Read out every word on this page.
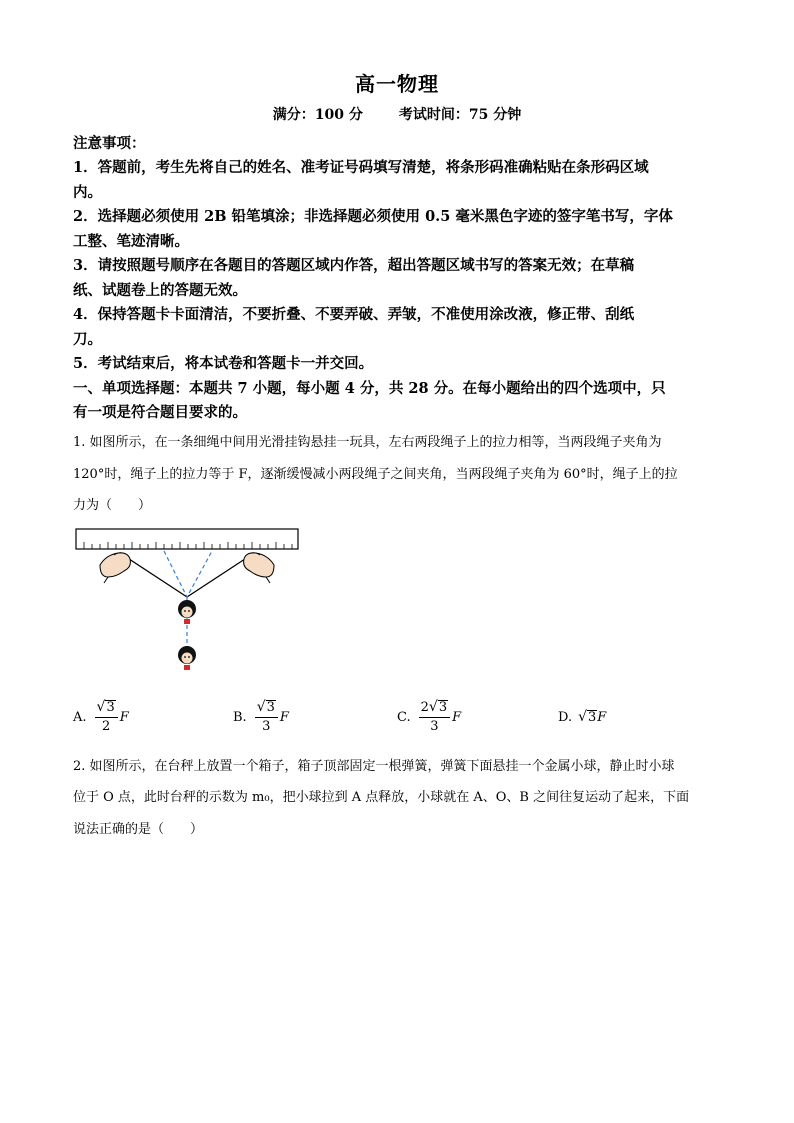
高一物理
满分：100 分	考试时间：75 分钟
注意事项：
1．答题前，考生先将自己的姓名、准考证号码填写清楚，将条形码准确粘贴在条形码区域
内。
2．选择题必须使用 2B 铅笔填涂；非选择题必须使用 0.5 毫米黑色字迹的签字笔书写，字体
工整、笔迹清晰。
3．请按照题号顺序在各题目的答题区域内作答，超出答题区域书写的答案无效；在草稿
纸、试题卷上的答题无效。
4．保持答题卡卡面清洁，不要折叠、不要弄破、弄皱，不准使用涂改液，修正带、刮纸
刀。
5．考试结束后，将本试卷和答题卡一并交回。
一、单项选择题：本题共 7 小题，每小题 4 分，共 28 分。在每小题给出的四个选项中，只
有一项是符合题目要求的。
1. 如图所示，在一条细绳中间用光滑挂钩悬挂一玩具，左右两段绳子上的拉力相等，当两段绳子夹角为
120°时，绳子上的拉力等于 F，逐渐缓慢减小两段绳子之间夹角，当两段绳子夹角为 60°时，绳子上的拉
力为（　　）
A. $\frac{√ 3}{2}$ F	B. $\frac{√ 3}{3}$ F	C. $\frac{2 √ 3}{3}$ F	D. √ 3 F
2. 如图所示，在台秤上放置一个箱子，箱子顶部固定一根弹簧，弹簧下面悬挂一个金属小球，静止时小球
位于 O 点，此时台秤的示数为 m₀，把小球拉到 A 点释放，小球就在 A、O、B 之间往复运动了起来，下面
说法正确的是（　　）
